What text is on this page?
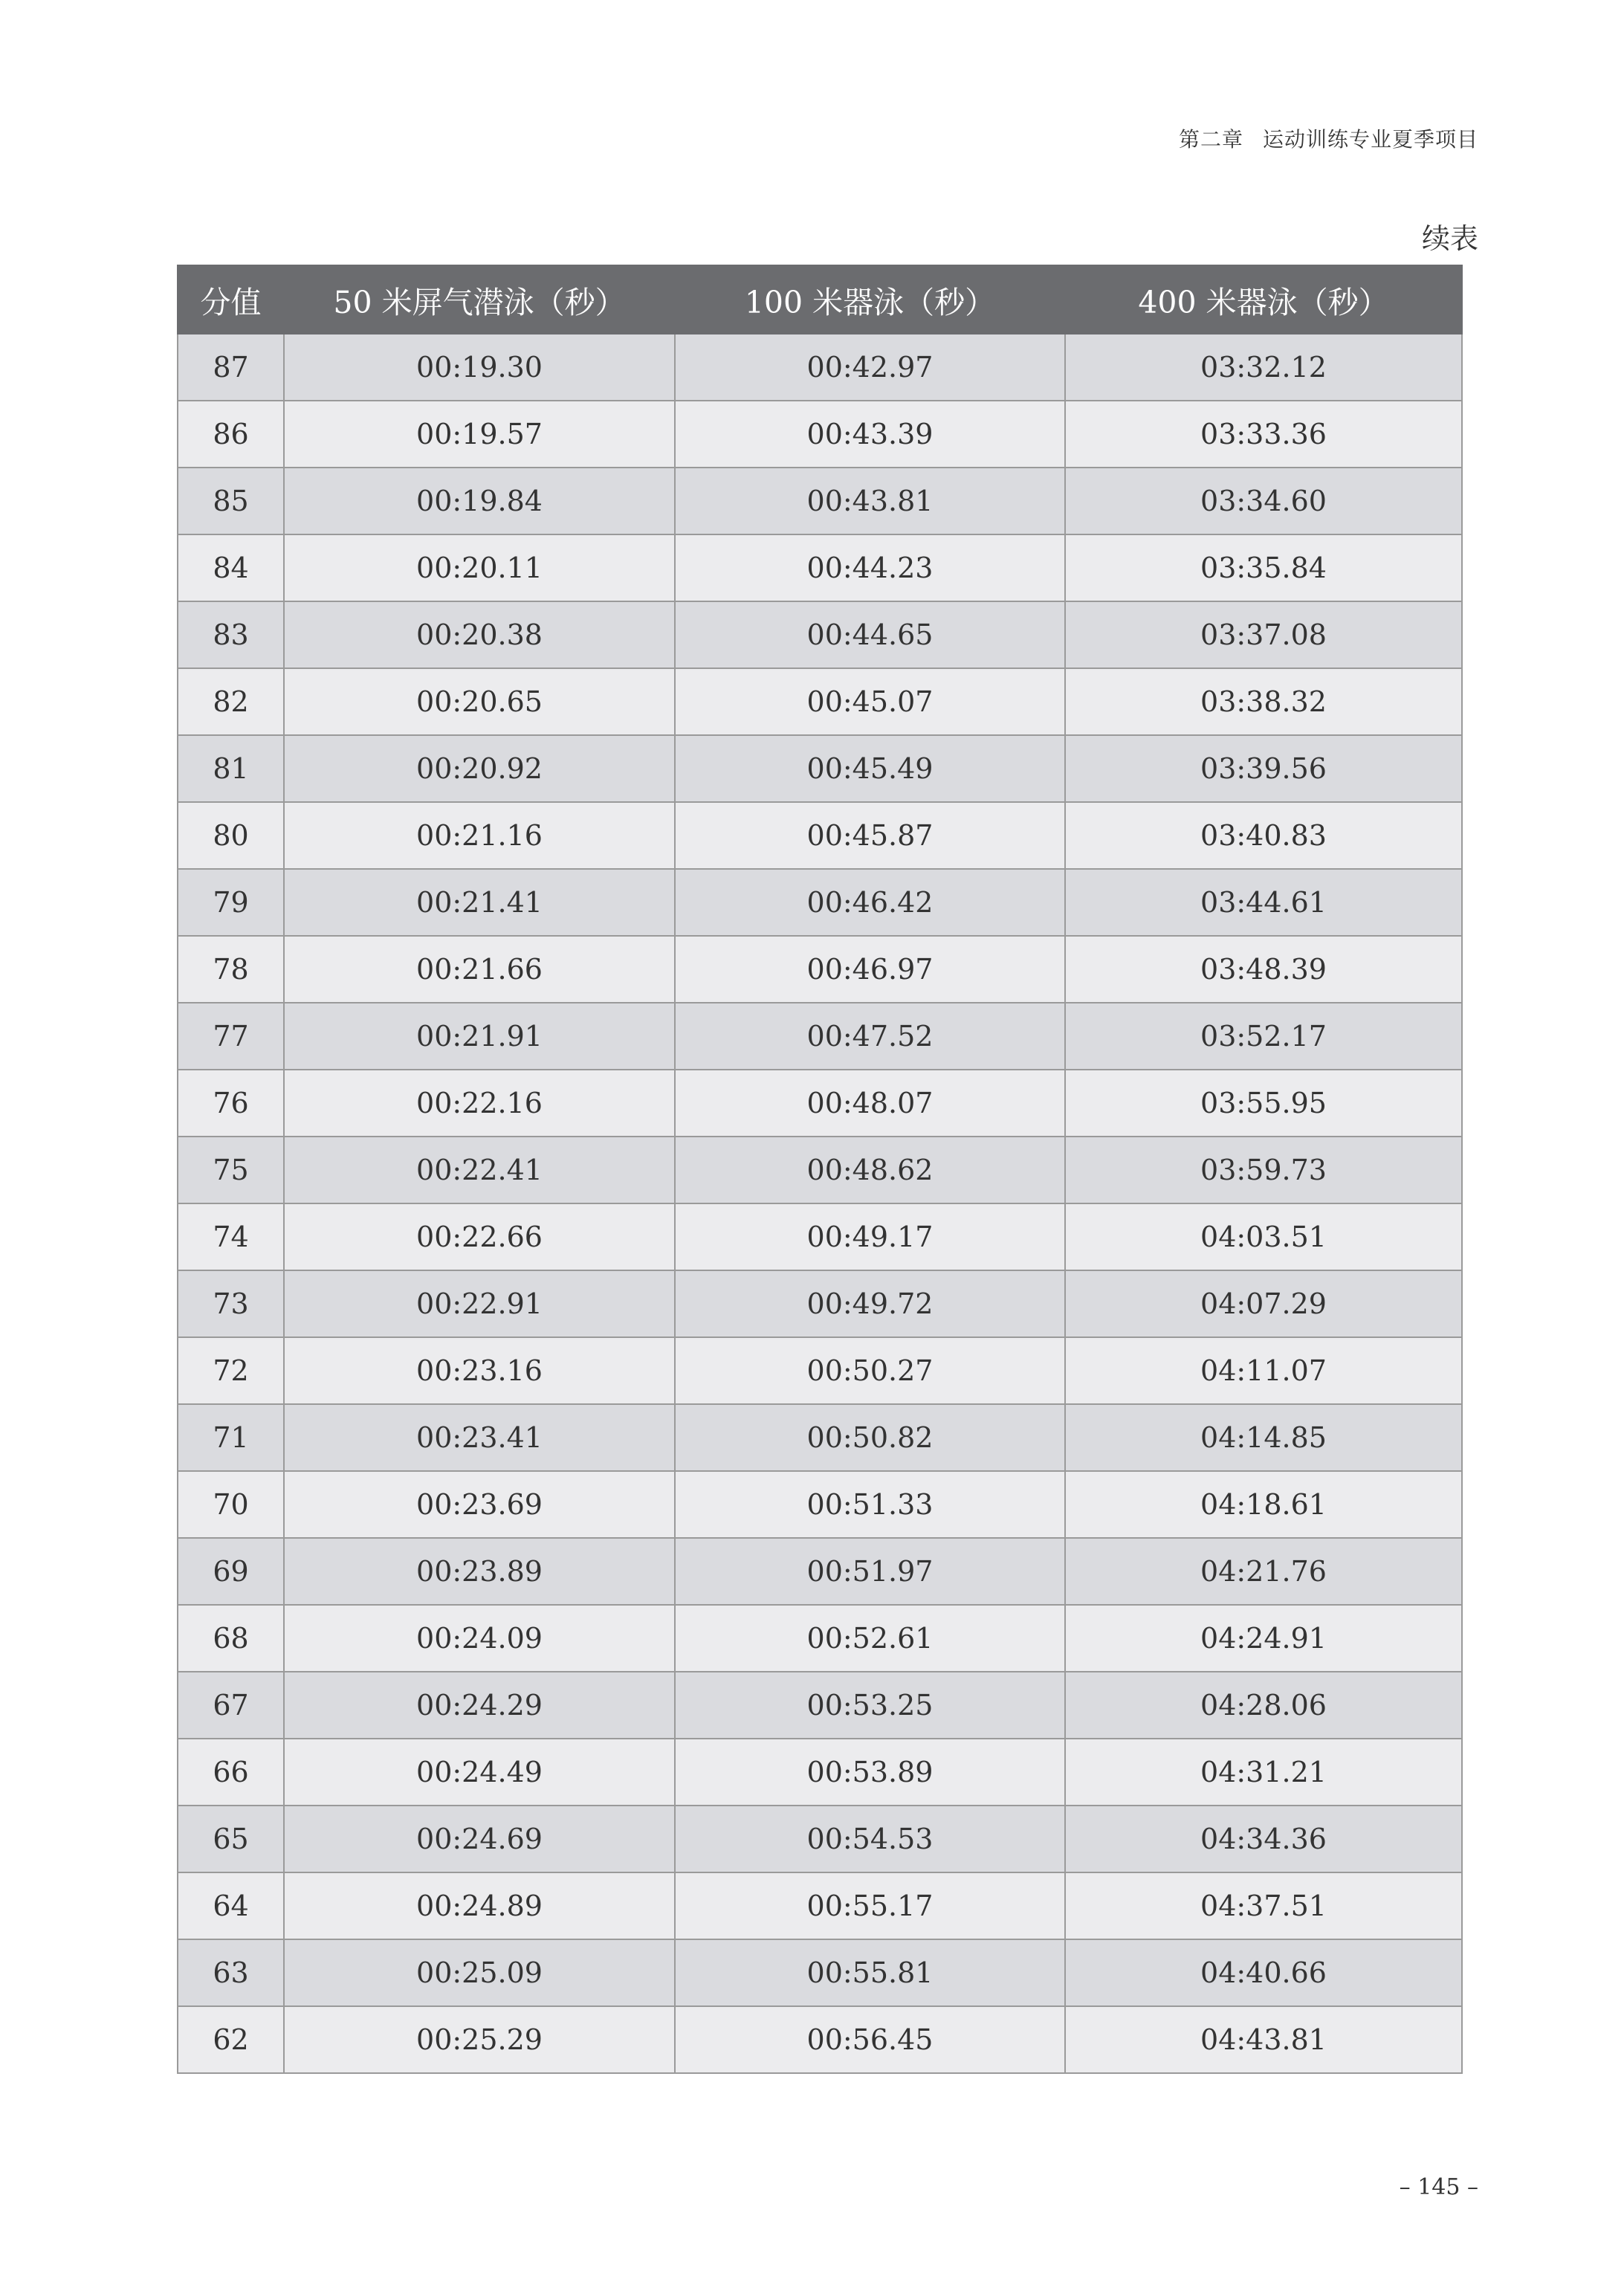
第二章 运动训练专业夏季项目
续表
分值	50 米屏气潜泳（秒）	100 米器泳（秒）	400 米器泳（秒）
87	00:19.30	00:42.97	03:32.12
86	00:19.57	00:43.39	03:33.36
85	00:19.84	00:43.81	03:34.60
84	00:20.11	00:44.23	03:35.84
83	00:20.38	00:44.65	03:37.08
82	00:20.65	00:45.07	03:38.32
81	00:20.92	00:45.49	03:39.56
80	00:21.16	00:45.87	03:40.83
79	00:21.41	00:46.42	03:44.61
78	00:21.66	00:46.97	03:48.39
77	00:21.91	00:47.52	03:52.17
76	00:22.16	00:48.07	03:55.95
75	00:22.41	00:48.62	03:59.73
74	00:22.66	00:49.17	04:03.51
73	00:22.91	00:49.72	04:07.29
72	00:23.16	00:50.27	04:11.07
71	00:23.41	00:50.82	04:14.85
70	00:23.69	00:51.33	04:18.61
69	00:23.89	00:51.97	04:21.76
68	00:24.09	00:52.61	04:24.91
67	00:24.29	00:53.25	04:28.06
66	00:24.49	00:53.89	04:31.21
65	00:24.69	00:54.53	04:34.36
64	00:24.89	00:55.17	04:37.51
63	00:25.09	00:55.81	04:40.66
62	00:25.29	00:56.45	04:43.81
– 145 –
